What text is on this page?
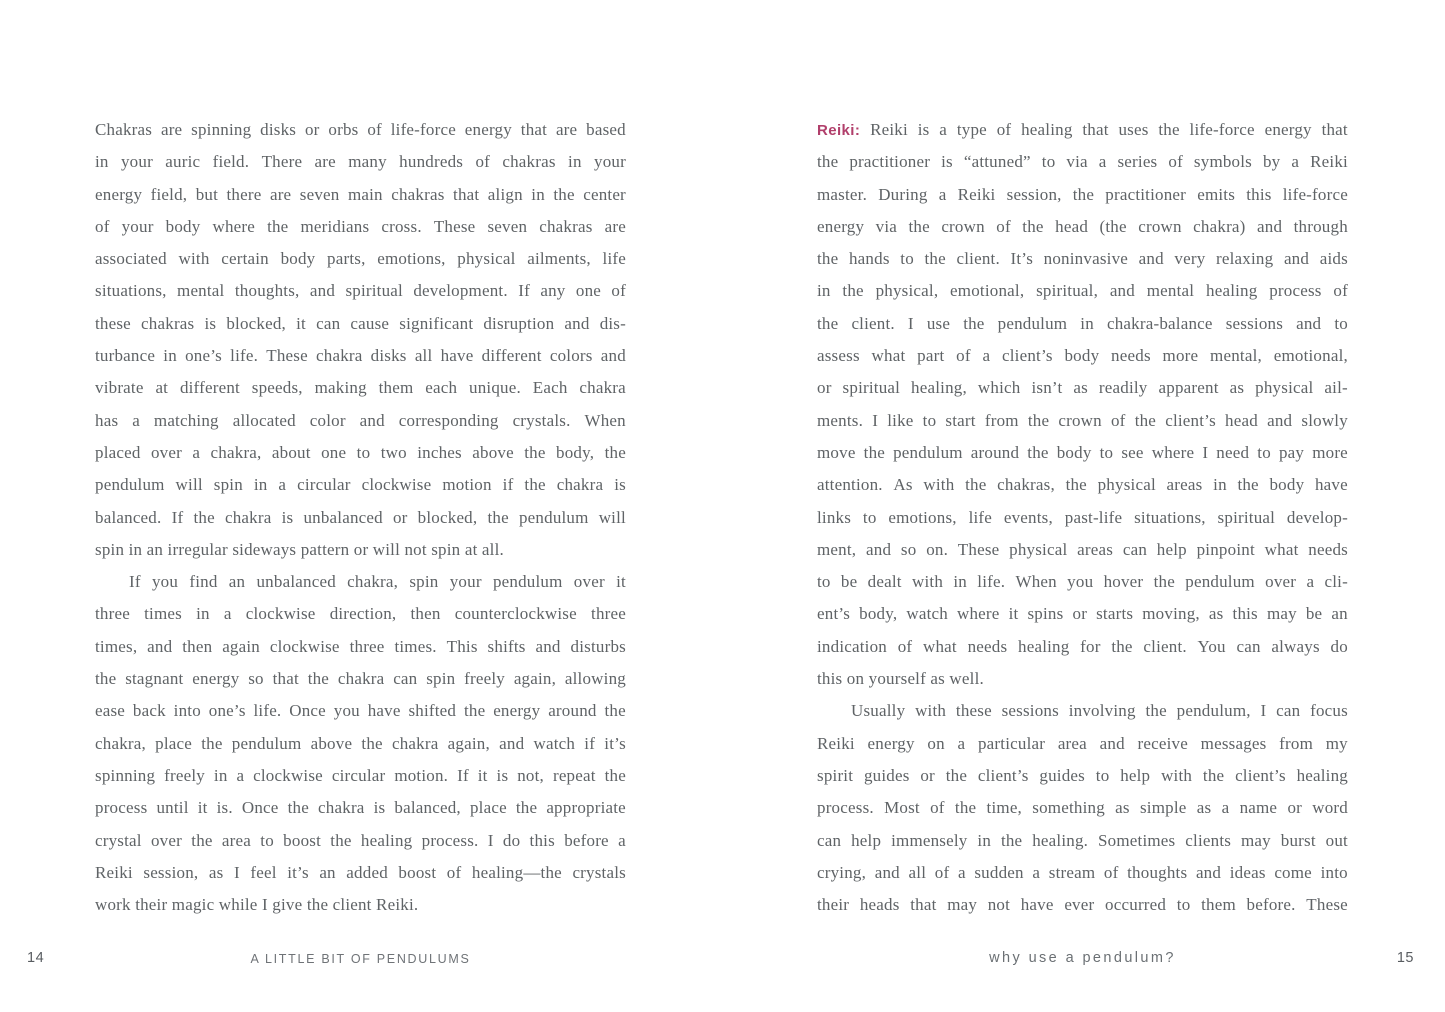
Chakras are spinning disks or orbs of life-force energy that are based
in your auric field. There are many hundreds of chakras in your
energy field, but there are seven main chakras that align in the center
of your body where the meridians cross. These seven chakras are
associated with certain body parts, emotions, physical ailments, life
situations, mental thoughts, and spiritual development. If any one of
these chakras is blocked, it can cause significant disruption and dis-
turbance in one’s life. These chakra disks all have different colors and
vibrate at different speeds, making them each unique. Each chakra
has a matching allocated color and corresponding crystals. When
placed over a chakra, about one to two inches above the body, the
pendulum will spin in a circular clockwise motion if the chakra is
balanced. If the chakra is unbalanced or blocked, the pendulum will
spin in an irregular sideways pattern or will not spin at all.
If you find an unbalanced chakra, spin your pendulum over it
three times in a clockwise direction, then counterclockwise three
times, and then again clockwise three times. This shifts and disturbs
the stagnant energy so that the chakra can spin freely again, allowing
ease back into one’s life. Once you have shifted the energy around the
chakra, place the pendulum above the chakra again, and watch if it’s
spinning freely in a clockwise circular motion. If it is not, repeat the
process until it is. Once the chakra is balanced, place the appropriate
crystal over the area to boost the healing process. I do this before a
Reiki session, as I feel it’s an added boost of healing—the crystals
work their magic while I give the client Reiki.
Reiki: Reiki is a type of healing that uses the life-force energy that
the practitioner is “attuned” to via a series of symbols by a Reiki
master. During a Reiki session, the practitioner emits this life-force
energy via the crown of the head (the crown chakra) and through
the hands to the client. It’s noninvasive and very relaxing and aids
in the physical, emotional, spiritual, and mental healing process of
the client. I use the pendulum in chakra-balance sessions and to
assess what part of a client’s body needs more mental, emotional,
or spiritual healing, which isn’t as readily apparent as physical ail-
ments. I like to start from the crown of the client’s head and slowly
move the pendulum around the body to see where I need to pay more
attention. As with the chakras, the physical areas in the body have
links to emotions, life events, past-life situations, spiritual develop-
ment, and so on. These physical areas can help pinpoint what needs
to be dealt with in life. When you hover the pendulum over a cli-
ent’s body, watch where it spins or starts moving, as this may be an
indication of what needs healing for the client. You can always do
this on yourself as well.
Usually with these sessions involving the pendulum, I can focus
Reiki energy on a particular area and receive messages from my
spirit guides or the client’s guides to help with the client’s healing
process. Most of the time, something as simple as a name or word
can help immensely in the healing. Sometimes clients may burst out
crying, and all of a sudden a stream of thoughts and ideas come into
their heads that may not have ever occurred to them before. These
14	A LITTLE BIT OF PENDULUMS	why use a pendulum?	15
